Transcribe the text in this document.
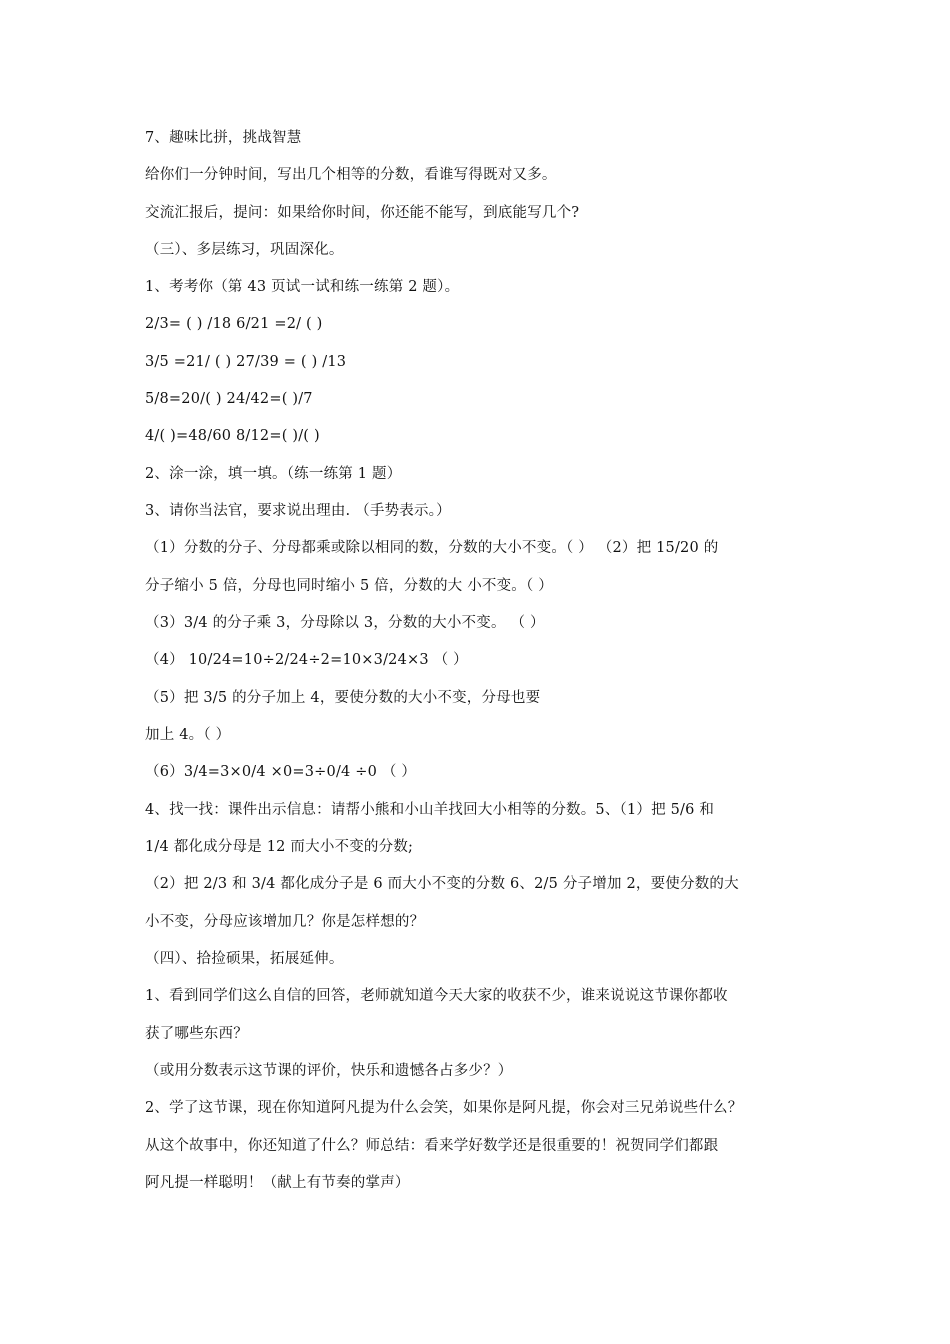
7、趣味比拼，挑战智慧
给你们一分钟时间，写出几个相等的分数，看谁写得既对又多。
交流汇报后，提问：如果给你时间，你还能不能写，到底能写几个?
（三）、多层练习，巩固深化。
1、考考你（第 43 页试一试和练一练第 2 题）。
2/3= ( ) /18 6/21 =2/ ( )
3/5 =21/ ( ) 27/39 = ( ) /13
5/8=20/( ) 24/42=( )/7
4/( )=48/60 8/12=( )/( )
2、涂一涂，填一填。（练一练第 1 题）
3、请你当法官，要求说出理由. （手势表示。）
（1）分数的分子、分母都乘或除以相同的数，分数的大小不变。（ ） （2）把 15/20 的
分子缩小 5 倍，分母也同时缩小 5 倍，分数的大 小不变。（ ）
（3）3/4 的分子乘 3，分母除以 3，分数的大小不变。 （ ）
（4） 10/24=10÷2/24÷2=10×3/24×3 （ ）
（5）把 3/5 的分子加上 4，要使分数的大小不变，分母也要
加上 4。（ ）
（6）3/4=3×0/4 ×0=3÷0/4 ÷0 （ ）
4、找一找：课件出示信息：请帮小熊和小山羊找回大小相等的分数。5、（1）把 5/6 和
1/4 都化成分母是 12 而大小不变的分数;
（2）把 2/3 和 3/4 都化成分子是 6 而大小不变的分数 6、2/5 分子增加 2，要使分数的大
小不变，分母应该增加几？你是怎样想的？
（四）、拾捡硕果，拓展延伸。
1、看到同学们这么自信的回答，老师就知道今天大家的收获不少，谁来说说这节课你都收
获了哪些东西？
（或用分数表示这节课的评价，快乐和遗憾各占多少？）
2、学了这节课，现在你知道阿凡提为什么会笑，如果你是阿凡提，你会对三兄弟说些什么？
从这个故事中，你还知道了什么？师总结：看来学好数学还是很重要的！祝贺同学们都跟
阿凡提一样聪明！（献上有节奏的掌声）
